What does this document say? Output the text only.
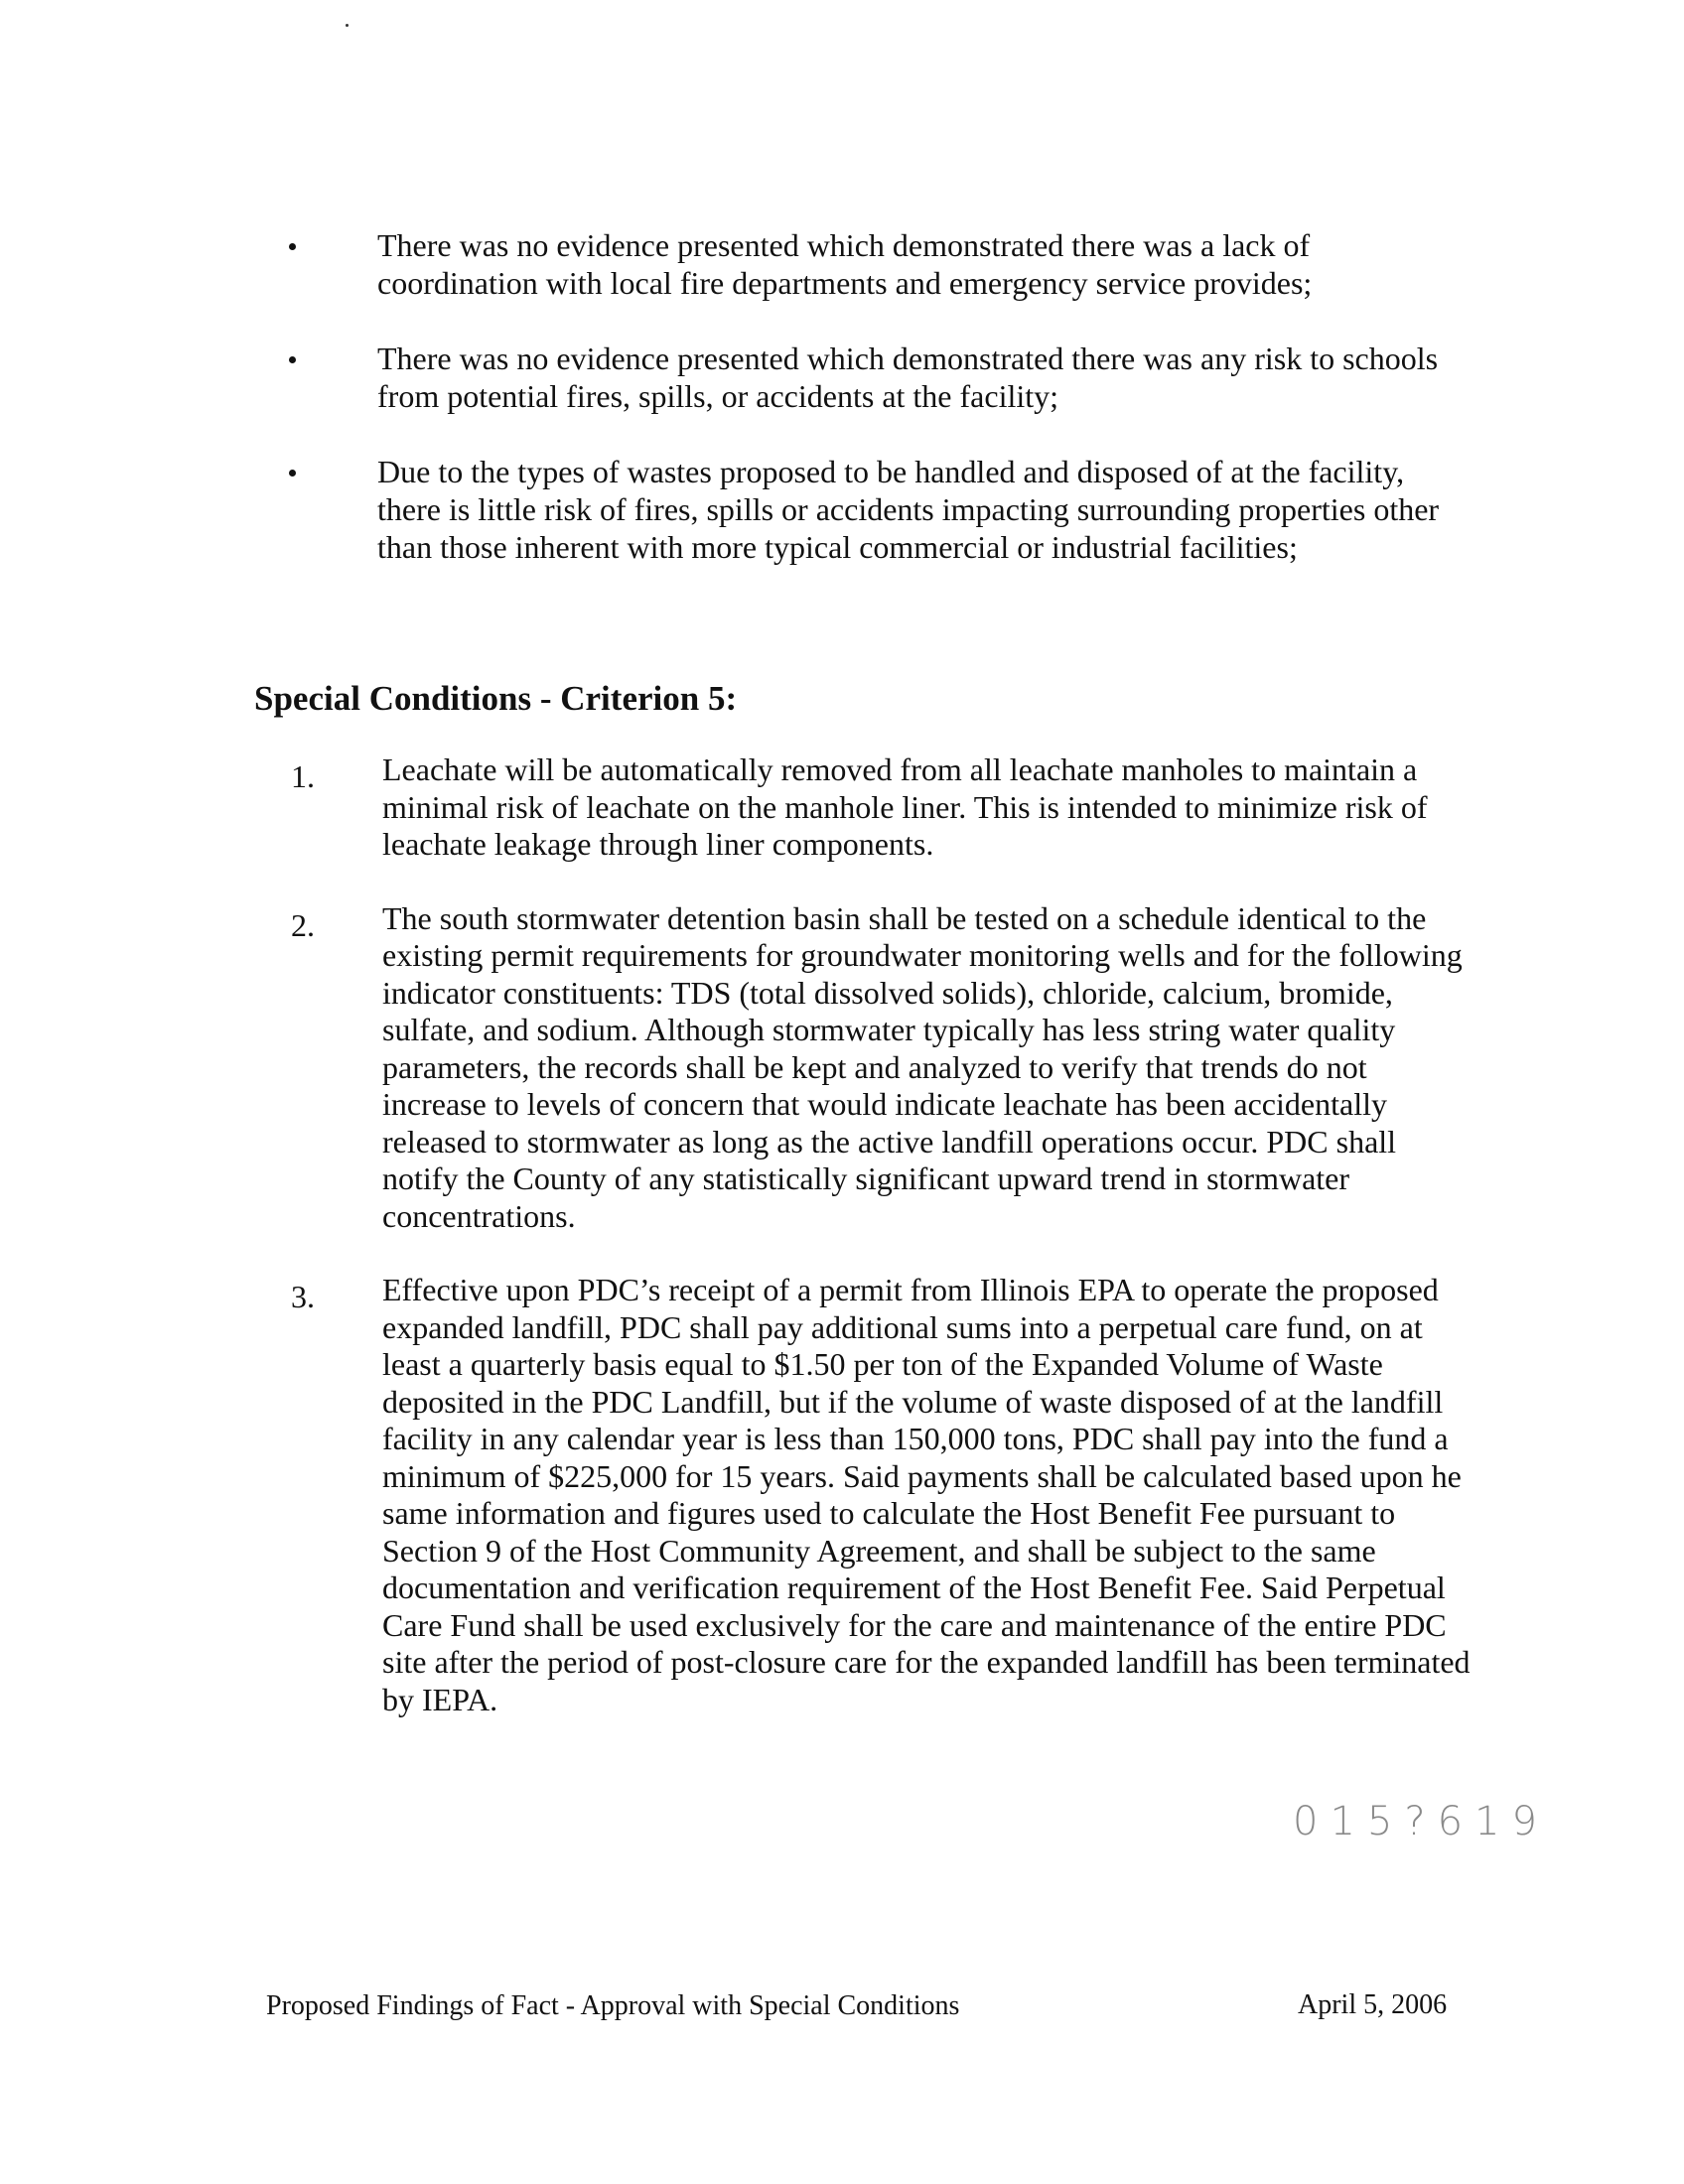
There was no evidence presented which demonstrated there was a lack of coordination with local fire departments and emergency service provides;
There was no evidence presented which demonstrated there was any risk to schools from potential fires, spills, or accidents at the facility;
Due to the types of wastes proposed to be handled and disposed of at the facility, there is little risk of fires, spills or accidents impacting surrounding properties other than those inherent with more typical commercial or industrial facilities;
Special Conditions - Criterion 5:
1. Leachate will be automatically removed from all leachate manholes to maintain a minimal risk of leachate on the manhole liner. This is intended to minimize risk of leachate leakage through liner components.
2. The south stormwater detention basin shall be tested on a schedule identical to the existing permit requirements for groundwater monitoring wells and for the following indicator constituents: TDS (total dissolved solids), chloride, calcium, bromide, sulfate, and sodium. Although stormwater typically has less string water quality parameters, the records shall be kept and analyzed to verify that trends do not increase to levels of concern that would indicate leachate has been accidentally released to stormwater as long as the active landfill operations occur. PDC shall notify the County of any statistically significant upward trend in stormwater concentrations.
3. Effective upon PDC’s receipt of a permit from Illinois EPA to operate the proposed expanded landfill, PDC shall pay additional sums into a perpetual care fund, on at least a quarterly basis equal to $1.50 per ton of the Expanded Volume of Waste deposited in the PDC Landfill, but if the volume of waste disposed of at the landfill facility in any calendar year is less than 150,000 tons, PDC shall pay into the fund a minimum of $225,000 for 15 years. Said payments shall be calculated based upon he same information and figures used to calculate the Host Benefit Fee pursuant to Section 9 of the Host Community Agreement, and shall be subject to the same documentation and verification requirement of the Host Benefit Fee. Said Perpetual Care Fund shall be used exclusively for the care and maintenance of the entire PDC site after the period of post-closure care for the expanded landfill has been terminated by IEPA.
015?619
Proposed Findings of Fact - Approval with Special Conditions	April 5, 2006
